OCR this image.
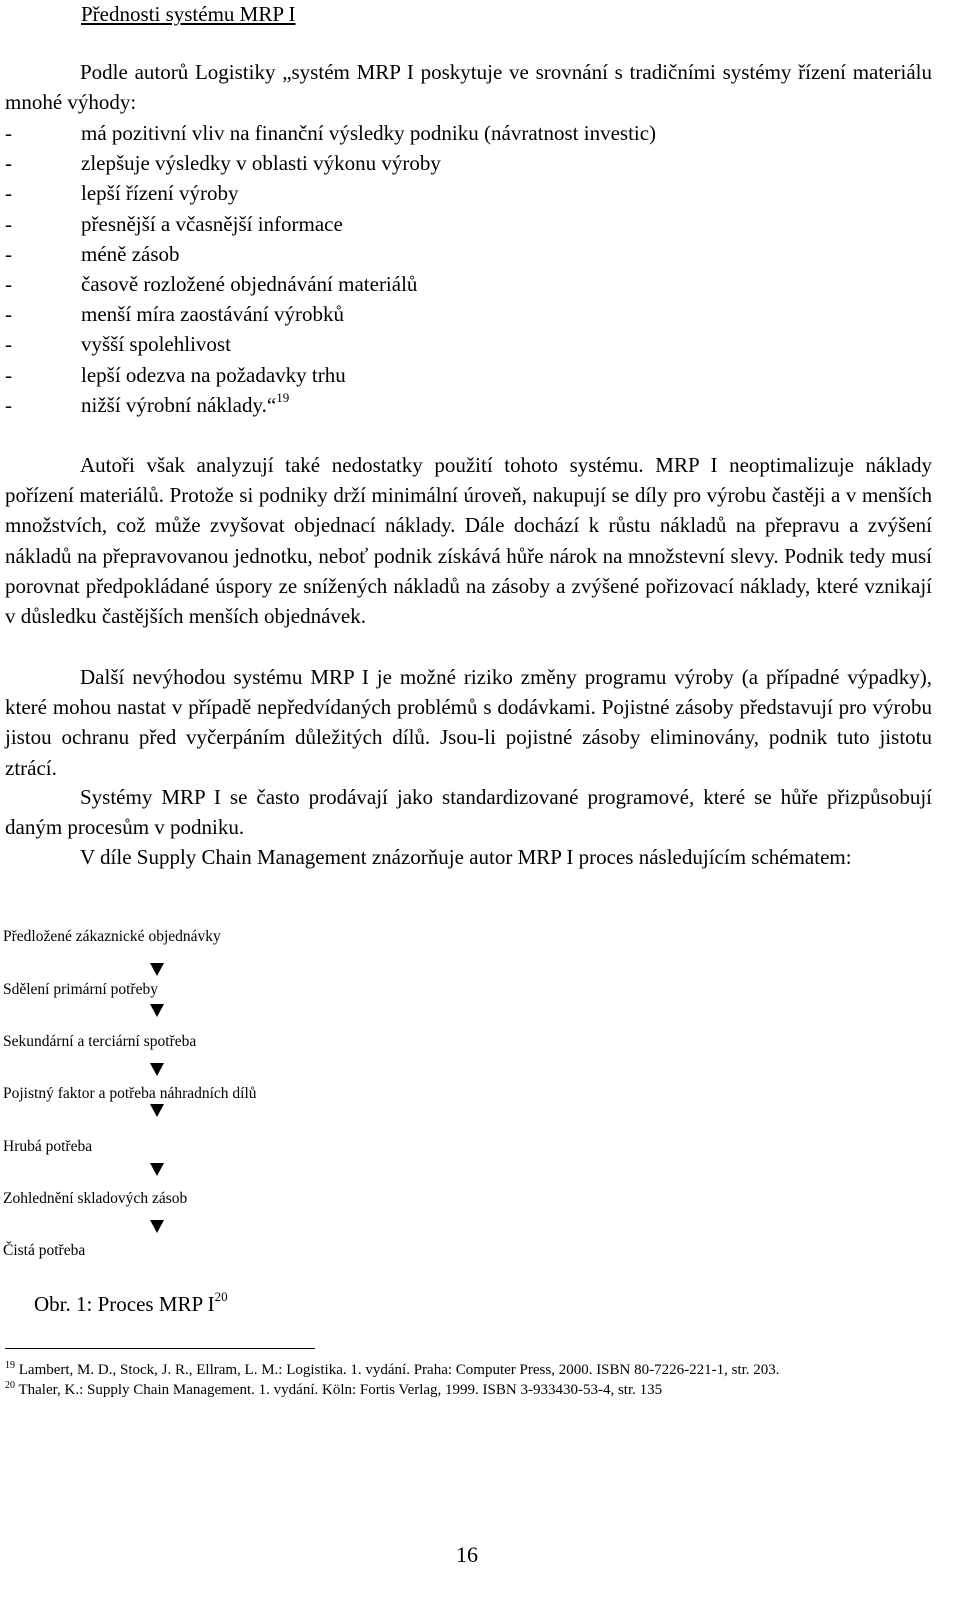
Přednosti systému MRP I
Podle autorů Logistiky „systém MRP I poskytuje ve srovnání s tradičními systémy řízení materiálu mnohé výhody:
-	má pozitivní vliv na finanční výsledky podniku (návratnost investic)
-	zlepšuje výsledky v oblasti výkonu výroby
-	lepší řízení výroby
-	přesnější a včasnější informace
-	méně zásob
-	časově rozložené objednávání materiálů
-	menší míra zaostávání výrobků
-	vyšší spolehlivost
-	lepší odezva na požadavky trhu
-	nižší výrobní náklady.“$^{19}$
Autoři však analyzují také nedostatky použití tohoto systému. MRP I neoptimalizuje náklady pořízení materiálů. Protože si podniky drží minimální úroveň, nakupují se díly pro výrobu častěji a v menších množstvích, což může zvyšovat objednací náklady. Dále dochází k růstu nákladů na přepravu a zvýšení nákladů na přepravovanou jednotku, neboť podnik získává hůře nárok na množstevní slevy. Podnik tedy musí porovnat předpokládané úspory ze snížených nákladů na zásoby a zvýšené pořizovací náklady, které vznikají v důsledku častějších menších objednávek.
Další nevýhodou systému MRP I je možné riziko změny programu výroby (a případné výpadky), které mohou nastat v případě nepředvídaných problémů s dodávkami. Pojistné zásoby představují pro výrobu jistou ochranu před vyčerpáním důležitých dílů. Jsou-li pojistné zásoby eliminovány, podnik tuto jistotu ztrácí.
Systémy MRP I se často prodávají jako standardizované programové, které se hůře přizpůsobují daným procesům v podniku.
V díle Supply Chain Management znázorňuje autor MRP I proces následujícím schématem:
Předložené zákaznické objednávky
Sdělení primární potřeby
Sekundární a terciární spotřeba
Pojistný faktor a potřeba náhradních dílů
Hrubá potřeba
Zohlednění skladových zásob
Čistá potřeba
Obr. 1: Proces MRP $I^{20}$
$^{19}$ Lambert, M. D., Stock, J. R., Ellram, L. M.: Logistika. 1. vydání. Praha: Computer Press, 2000. ISBN 80-7226-221-1, str. 203.
$^{20}$ Thaler, K.: Supply Chain Management. 1. vydání. Köln: Fortis Verlag, 1999. ISBN 3-933430-53-4, str. 135
16
